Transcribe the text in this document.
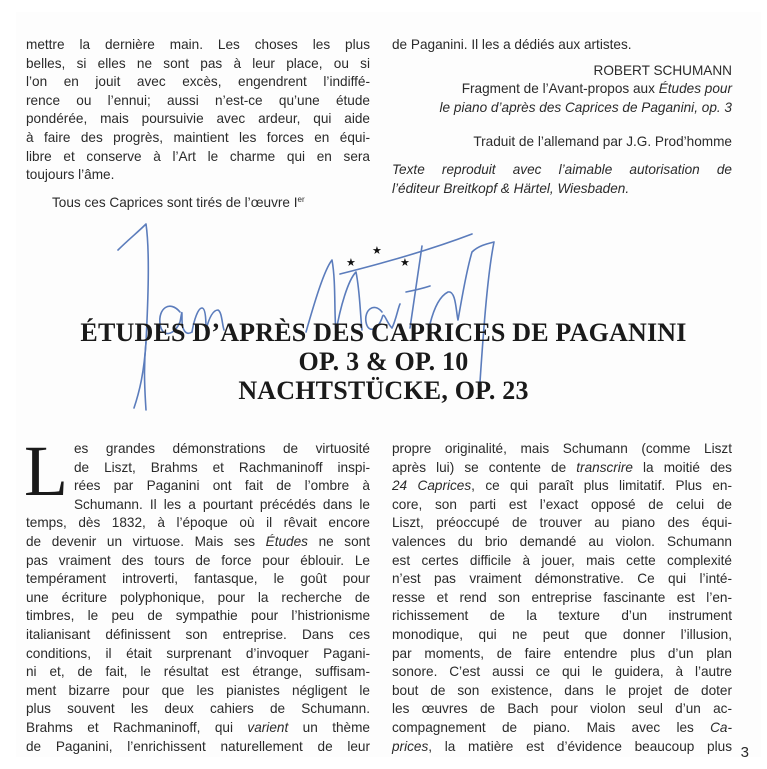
mettre la dernière main. Les choses les plus

belles, si elles ne sont pas à leur place, ou si

l’on en jouit avec excès, engendrent l’indiffé-

rence ou l’ennui; aussi n’est-ce qu’une étude

pondérée, mais poursuivie avec ardeur, qui aide

à faire des progrès, maintient les forces en équi-

libre et conserve à l’Art le charme qui en sera

toujours l’âme.

Tous ces Caprices sont tirés de l’œuvre Ier

de Paganini. Il les a dédiés aux artistes.

ROBERT SCHUMANN

Fragment de l’Avant-propos aux Études pour

le piano d’après des Caprices de Paganini, op. 3

Traduit de l’allemand par J.G. Prod’homme

Texte reproduit avec l’aimable autorisation de

l’éditeur Breitkopf & Härtel, Wiesbaden.

★
★
★
ÉTUDES D’APRÈS DES CAPRICES DE PAGANINI
OP. 3 & OP. 10
NACHTSTÜCKE, OP. 23
L es grandes démonstrations de virtuosité

de Liszt, Brahms et Rachmaninoff inspi-

rées par Paganini ont fait de l’ombre à

Schumann. Il les a pourtant précédés dans le

temps, dès 1832, à l’époque où il rêvait encore

de devenir un virtuose. Mais ses Études ne sont

pas vraiment des tours de force pour éblouir. Le

tempérament introverti, fantasque, le goût pour

une écriture polyphonique, pour la recherche de

timbres, le peu de sympathie pour l’histrionisme

italianisant définissent son entreprise. Dans ces

conditions, il était surprenant d’invoquer Pagani-

ni et, de fait, le résultat est étrange, suffisam-

ment bizarre pour que les pianistes négligent le

plus souvent les deux cahiers de Schumann.

Brahms et Rachmaninoff, qui varient un thème

de Paganini, l’enrichissent naturellement de leur

propre originalité, mais Schumann (comme Liszt

après lui) se contente de transcrire la moitié des

24 Caprices, ce qui paraît plus limitatif. Plus en-

core, son parti est l’exact opposé de celui de

Liszt, préoccupé de trouver au piano des équi-

valences du brio demandé au violon. Schumann

est certes difficile à jouer, mais cette complexité

n’est pas vraiment démonstrative. Ce qui l’inté-

resse et rend son entreprise fascinante est l’en-

richissement de la texture d’un instrument

monodique, qui ne peut que donner l’illusion,

par moments, de faire entendre plus d’un plan

sonore. C’est aussi ce qui le guidera, à l’autre

bout de son existence, dans le projet de doter

les œuvres de Bach pour violon seul d’un ac-

compagnement de piano. Mais avec les Ca-

prices, la matière est d’évidence beaucoup plus 3
